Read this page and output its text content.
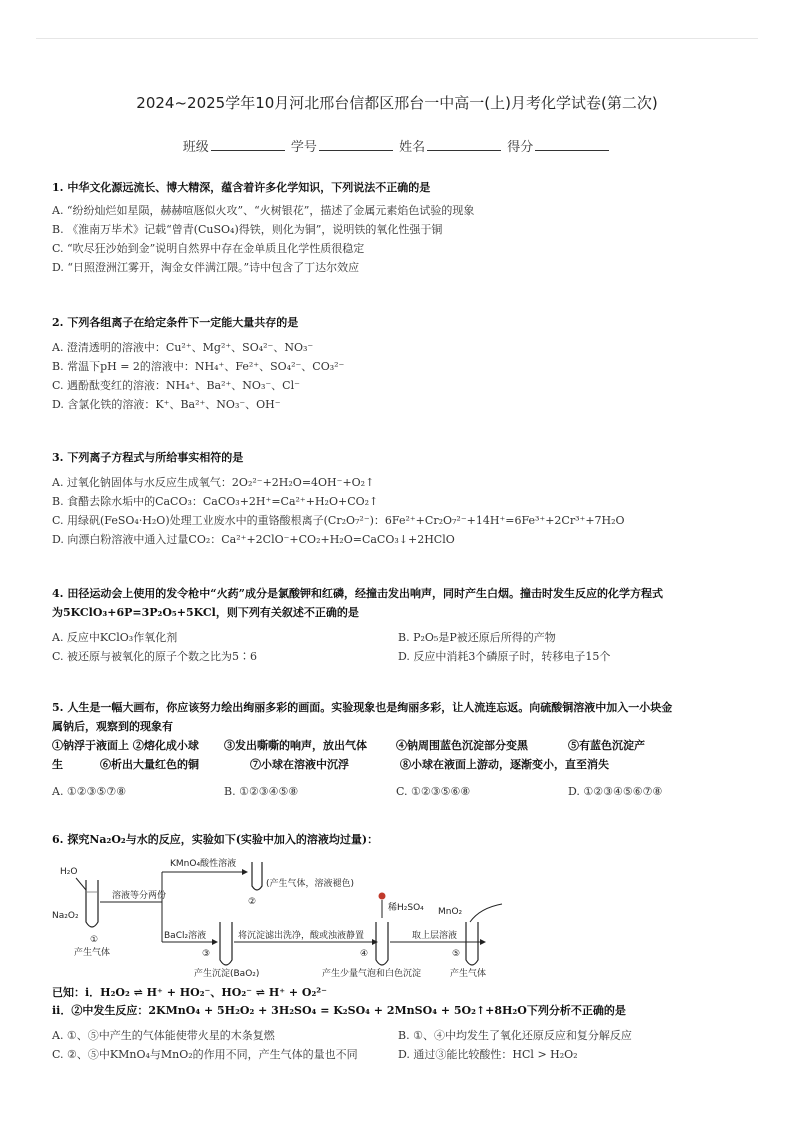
2024~2025学年10月河北邢台信都区邢台一中高一(上)月考化学试卷(第二次)
班级	学号	姓名	得分
1. 中华文化源远流长、博大精深，蕴含着许多化学知识，下列说法不正确的是
A. “纷纷灿烂如星陨，赫赫喧豗似火攻”、“火树银花”，描述了金属元素焰色试验的现象
B. 《淮南万毕术》记载“曾青(CuSO₄)得铁，则化为铜”，说明铁的氧化性强于铜
C. “吹尽狂沙始到金”说明自然界中存在金单质且化学性质很稳定
D. “日照澄洲江雾开，淘金女伴满江隈。”诗中包含了丁达尔效应
2. 下列各组离子在给定条件下一定能大量共存的是
A. 澄清透明的溶液中：Cu²⁺、Mg²⁺、SO₄²⁻、NO₃⁻
B. 常温下pH = 2的溶液中：NH₄⁺、Fe²⁺、SO₄²⁻、CO₃²⁻
C. 遇酚酞变红的溶液：NH₄⁺、Ba²⁺、NO₃⁻、Cl⁻
D. 含氯化铁的溶液：K⁺、Ba²⁺、NO₃⁻、OH⁻
3. 下列离子方程式与所给事实相符的是
A. 过氧化钠固体与水反应生成氧气：2O₂²⁻+2H₂O=4OH⁻+O₂↑
B. 食醋去除水垢中的CaCO₃：CaCO₃+2H⁺=Ca²⁺+H₂O+CO₂↑
C. 用绿矾(FeSO₄·H₂O)处理工业废水中的重铬酸根离子(Cr₂O₇²⁻)：6Fe²⁺+Cr₂O₇²⁻+14H⁺=6Fe³⁺+2Cr³⁺+7H₂O
D. 向漂白粉溶液中通入过量CO₂：Ca²⁺+2ClO⁻+CO₂+H₂O=CaCO₃↓+2HClO
4. 田径运动会上使用的发令枪中“火药”成分是氯酸钾和红磷，经撞击发出响声，同时产生白烟。撞击时发生反应的化学方程式
为5KClO₃+6P=3P₂O₅+5KCl，则下列有关叙述不正确的是
A. 反应中KClO₃作氧化剂	B. P₂O₅是P被还原后所得的产物
C. 被还原与被氧化的原子个数之比为5∶6	D. 反应中消耗3个磷原子时，转移电子15个
5. 人生是一幅大画布，你应该努力绘出绚丽多彩的画面。实验现象也是绚丽多彩，让人流连忘返。向硫酸铜溶液中加入一小块金
属钠后，观察到的现象有
①钠浮于液面上 ②熔化成小球	③发出嘶嘶的响声，放出气体	④钠周围蓝色沉淀部分变黑	⑤有蓝色沉淀产
生	⑥析出大量红色的铜	⑦小球在溶液中沉浮	⑧小球在液面上游动，逐渐变小，直至消失
A. ①②③⑤⑦⑧	B. ①②③④⑤⑧	C. ①②③⑤⑥⑧	D. ①②③④⑤⑥⑦⑧
6. 探究Na₂O₂与水的反应，实验如下(实验中加入的溶液均过量)：
H₂O
Na₂O₂
①
产生气体
溶液等分两份
KMnO₄酸性溶液
BaCl₂溶液
②
(产生气体，溶液褪色)
③
产生沉淀(BaO₂)
将沉淀滤出洗净，酸或浊液静置
稀H₂SO₄
④
产生少量气泡和白色沉淀
取上层溶液
MnO₂
⑤
产生气体
已知：i．H₂O₂ ⇌ H⁺ + HO₂⁻、HO₂⁻ ⇌ H⁺ + O₂²⁻
ii．②中发生反应：2KMnO₄ + 5H₂O₂ + 3H₂SO₄ = K₂SO₄ + 2MnSO₄ + 5O₂↑+8H₂O下列分析不正确的是
A. ①、⑤中产生的气体能使带火星的木条复燃	B. ①、④中均发生了氧化还原反应和复分解反应
C. ②、⑤中KMnO₄与MnO₂的作用不同，产生气体的量也不同	D. 通过③能比较酸性：HCl > H₂O₂
